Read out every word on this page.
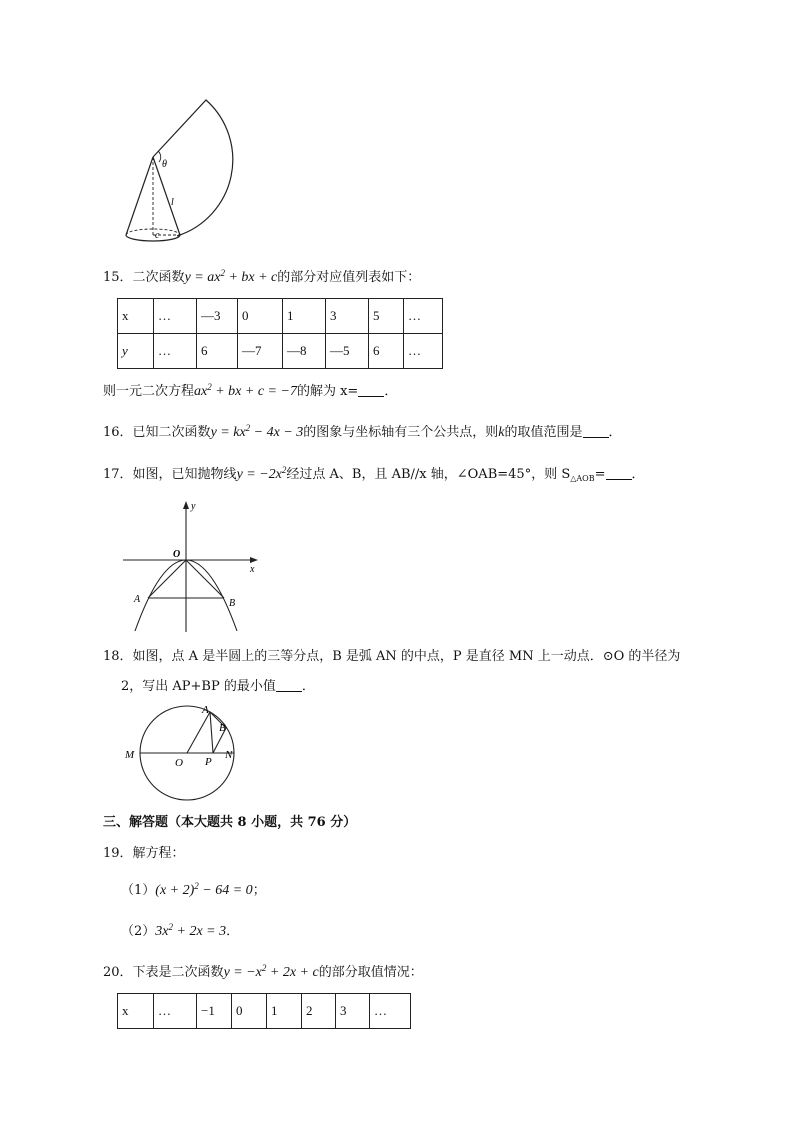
θ
l
c
15．二次函数$y = ax^2$ + bx + c的部分对应值列表如下：
x	…	—3	0	1	3	5	…
y	…	6	—7	—8	—5	6	…
则一元二次方程$ax^2$ + bx + c = −7的解为 x= ．
16．已知二次函数$y = kx^2 - 4x - 3$的图象与坐标轴有三个公共点，则k的取值范围是 ．
17．如图，已知抛物线$y = -2x^2$经过点 A、B，且 AB//x 轴，∠OAB=45°，则 $S_{\triangle AOB}=$ ．
y
x
O
A	B
18．如图，点 A 是半圆上的三等分点，B 是弧 AN 的中点，P 是直径 MN 上一动点．⊙O 的半径为
2，写出 AP+BP 的最小值 ．
M	N
O P
A
B
三、解答题（本大题共 8 小题，共 76 分）
19．解方程：
$(1)(x + 2)^2 - 64 = 0$；
$(2)3x^2 + 2x = 3$．
20．下表是二次函数$y = -x^2 + 2x + c$的部分取值情况：
x	…	−1	0	1	2	3	…
